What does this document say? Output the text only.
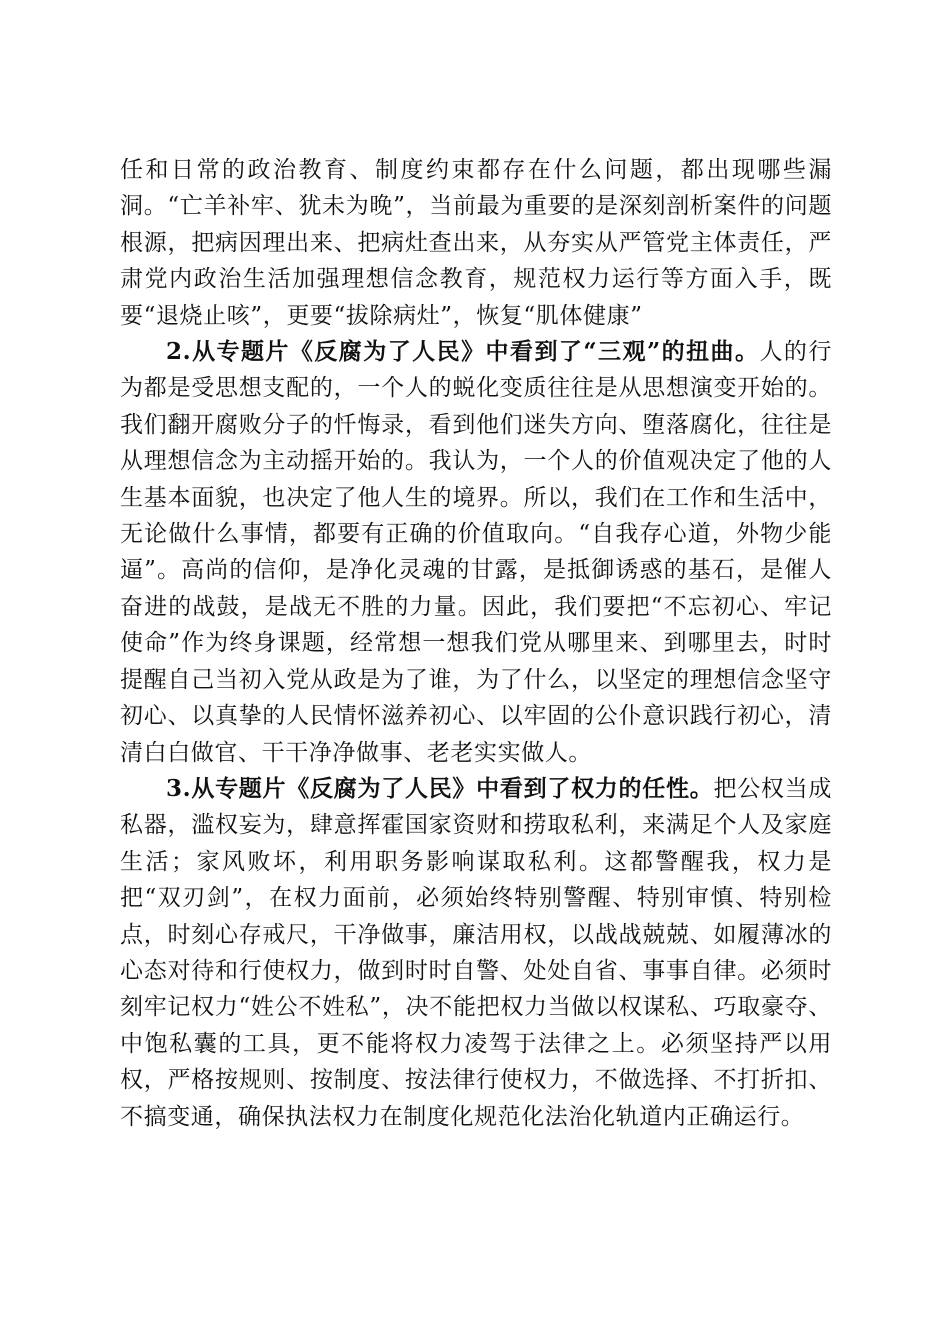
任和日常的政治教育、制度约束都存在什么问题，都出现哪些漏洞。“亡羊补牢、犹未为晚”，当前最为重要的是深刻剖析案件的问题根源，把病因理出来、把病灶查出来，从夯实从严管党主体责任，严肃党内政治生活加强理想信念教育，规范权力运行等方面入手，既要“退烧止咳”，更要“拔除病灶”，恢复“肌体健康”

2.从专题片《反腐为了人民》中看到了“三观”的扭曲。人的行为都是受思想支配的，一个人的蜕化变质往往是从思想演变开始的。我们翻开腐败分子的忏悔录，看到他们迷失方向、堕落腐化，往往是从理想信念为主动摇开始的。我认为，一个人的价值观决定了他的人生基本面貌，也决定了他人生的境界。所以，我们在工作和生活中，无论做什么事情，都要有正确的价值取向。“自我存心道，外物少能逼”。高尚的信仰，是净化灵魂的甘露，是抵御诱惑的基石，是催人奋进的战鼓，是战无不胜的力量。因此，我们要把“不忘初心、牢记使命”作为终身课题，经常想一想我们党从哪里来、到哪里去，时时提醒自己当初入党从政是为了谁，为了什么，以坚定的理想信念坚守初心、以真挚的人民情怀滋养初心、以牢固的公仆意识践行初心，清清白白做官、干干净净做事、老老实实做人。

3.从专题片《反腐为了人民》中看到了权力的任性。把公权当成私器，滥权妄为，肆意挥霍国家资财和捞取私利，来满足个人及家庭生活；家风败坏，利用职务影响谋取私利。这都警醒我，权力是把“双刃剑”，在权力面前，必须始终特别警醒、特别审慎、特别检点，时刻心存戒尺，干净做事，廉洁用权，以战战兢兢、如履薄冰的心态对待和行使权力，做到时时自警、处处自省、事事自律。必须时刻牢记权力“姓公不姓私”，决不能把权力当做以权谋私、巧取豪夺、中饱私囊的工具，更不能将权力凌驾于法律之上。必须坚持严以用权，严格按规则、按制度、按法律行使权力，不做选择、不打折扣、不搞变通，确保执法权力在制度化规范化法治化轨道内正确运行。
